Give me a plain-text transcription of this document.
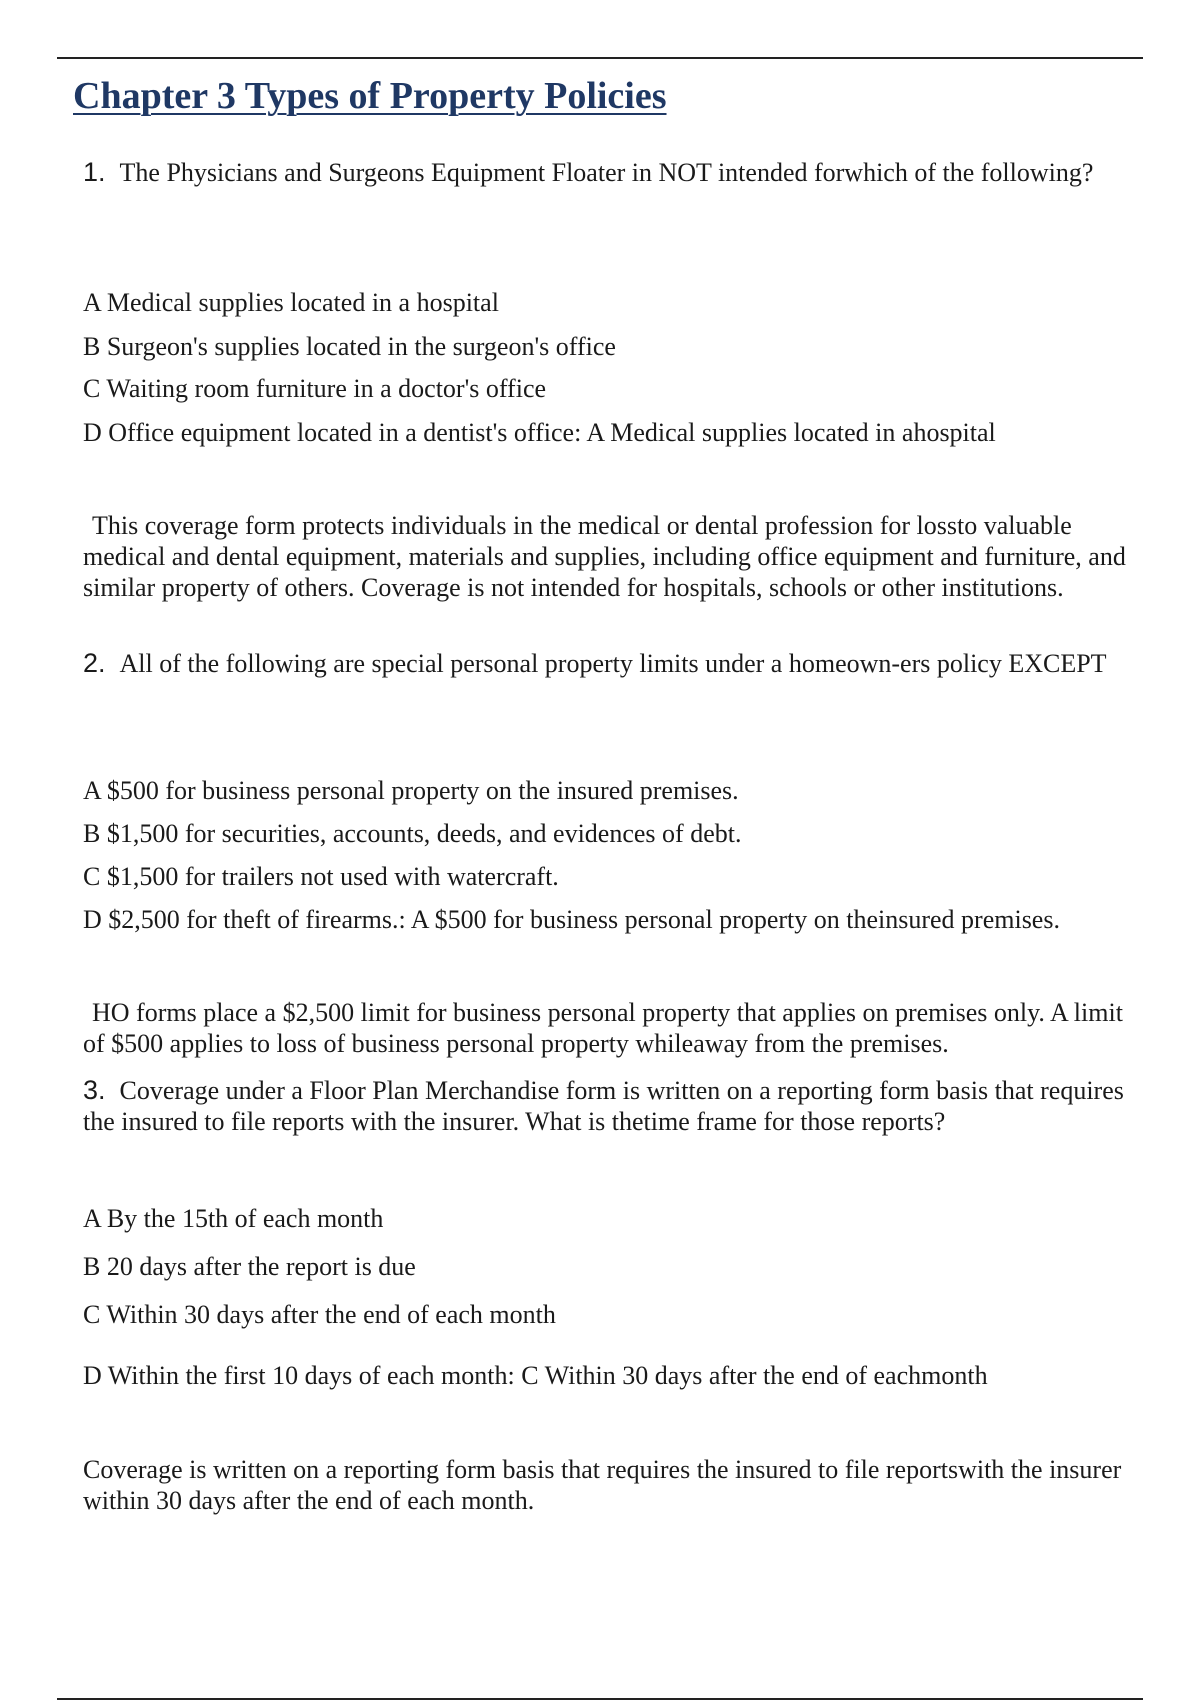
Chapter 3 Types of Property Policies

1. The Physicians and Surgeons Equipment Floater in NOT intended forwhich of the following?

A Medical supplies located in a hospital

B Surgeon's supplies located in the surgeon's office

C Waiting room furniture in a doctor's office

D Office equipment located in a dentist's office: A Medical supplies located in ahospital

This coverage form protects individuals in the medical or dental profession for lossto valuable medical and dental equipment, materials and supplies, including office equipment and furniture, and similar property of others. Coverage is not intended for hospitals, schools or other institutions.

2. All of the following are special personal property limits under a homeown-ers policy EXCEPT

A $500 for business personal property on the insured premises.

B $1,500 for securities, accounts, deeds, and evidences of debt.

C $1,500 for trailers not used with watercraft.

D $2,500 for theft of firearms.: A $500 for business personal property on theinsured premises.

HO forms place a $2,500 limit for business personal property that applies on premises only. A limit of $500 applies to loss of business personal property whileaway from the premises.

3. Coverage under a Floor Plan Merchandise form is written on a reporting form basis that requires the insured to file reports with the insurer. What is thetime frame for those reports?

A By the 15th of each month

B 20 days after the report is due

C Within 30 days after the end of each month

D Within the first 10 days of each month: C Within 30 days after the end of eachmonth

Coverage is written on a reporting form basis that requires the insured to file reportswith the insurer within 30 days after the end of each month.
